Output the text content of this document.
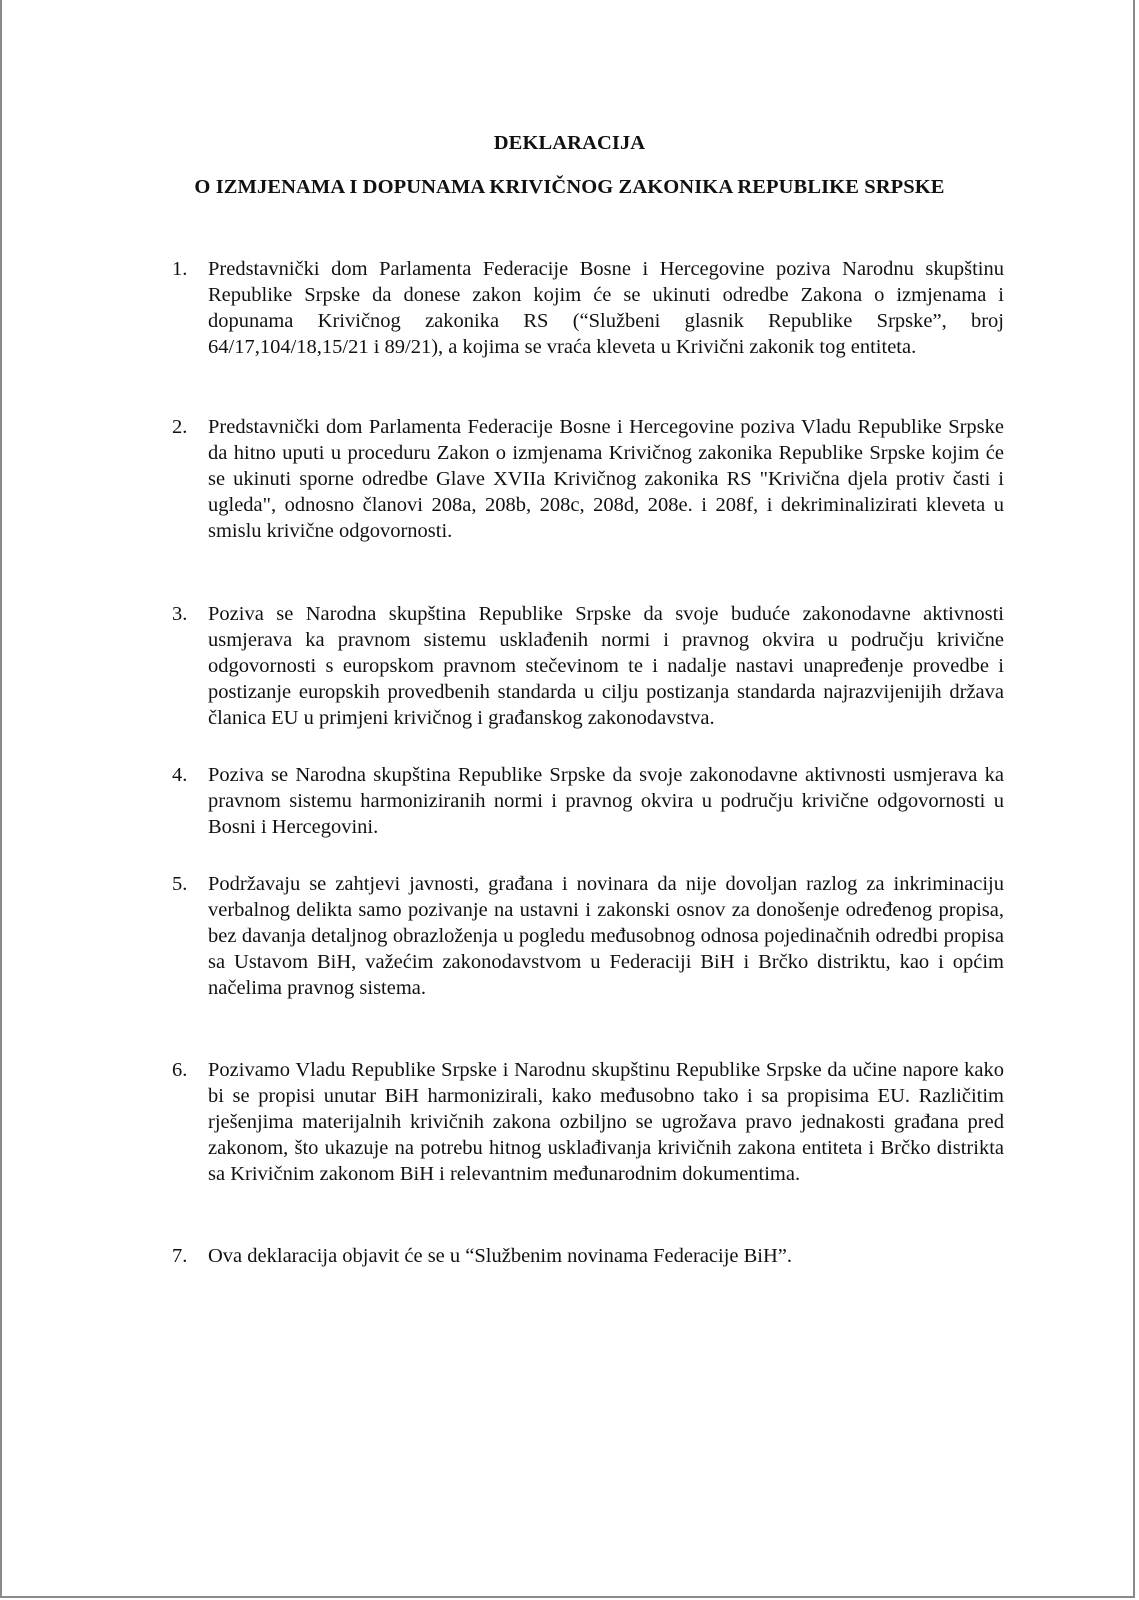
DEKLARACIJA
O IZMJENAMA I DOPUNAMA KRIVIČNOG ZAKONIKA REPUBLIKE SRPSKE
1.	Predstavnički dom Parlamenta Federacije Bosne i Hercegovine poziva Narodnu skupštinu Republike Srpske da donese zakon kojim će se ukinuti odredbe Zakona o izmjenama i dopunama Krivičnog zakonika RS (“Službeni glasnik Republike Srpske”, broj 64/17,104/18,15/21 i 89/21), a kojima se vraća kleveta u Krivični zakonik tog entiteta.
2.	Predstavnički dom Parlamenta Federacije Bosne i Hercegovine poziva Vladu Republike Srpske da hitno uputi u proceduru Zakon o izmjenama Krivičnog zakonika Republike Srpske kojim će se ukinuti sporne odredbe Glave XVIIa Krivičnog zakonika RS "Krivična djela protiv časti i ugleda", odnosno članovi 208a, 208b, 208c, 208d, 208e. i 208f, i dekriminalizirati kleveta u smislu krivične odgovornosti.
3.	Poziva se Narodna skupština Republike Srpske da svoje buduće zakonodavne aktivnosti usmjerava ka pravnom sistemu usklađenih normi i pravnog okvira u području krivične odgovornosti s europskom pravnom stečevinom te i nadalje nastavi unapređenje provedbe i postizanje europskih provedbenih standarda u cilju postizanja standarda najrazvijenijih država članica EU u primjeni krivičnog i građanskog zakonodavstva.
4.	Poziva se Narodna skupština Republike Srpske da svoje zakonodavne aktivnosti usmjerava ka pravnom sistemu harmoniziranih normi i pravnog okvira u području krivične odgovornosti u Bosni i Hercegovini.
5.	Podržavaju se zahtjevi javnosti, građana i novinara da nije dovoljan razlog za inkriminaciju verbalnog delikta samo pozivanje na ustavni i zakonski osnov za donošenje određenog propisa, bez davanja detaljnog obrazloženja u pogledu međusobnog odnosa pojedinačnih odredbi propisa sa Ustavom BiH, važećim zakonodavstvom u Federaciji BiH i Brčko distriktu, kao i općim načelima pravnog sistema.
6.	Pozivamo Vladu Republike Srpske i Narodnu skupštinu Republike Srpske da učine napore kako bi se propisi unutar BiH harmonizirali, kako međusobno tako i sa propisima EU. Različitim rješenjima materijalnih krivičnih zakona ozbiljno se ugrožava pravo jednakosti građana pred zakonom, što ukazuje na potrebu hitnog usklađivanja krivičnih zakona entiteta i Brčko distrikta sa Krivičnim zakonom BiH i relevantnim međunarodnim dokumentima.
7.	Ova deklaracija objavit će se u “Službenim novinama Federacije BiH”.
